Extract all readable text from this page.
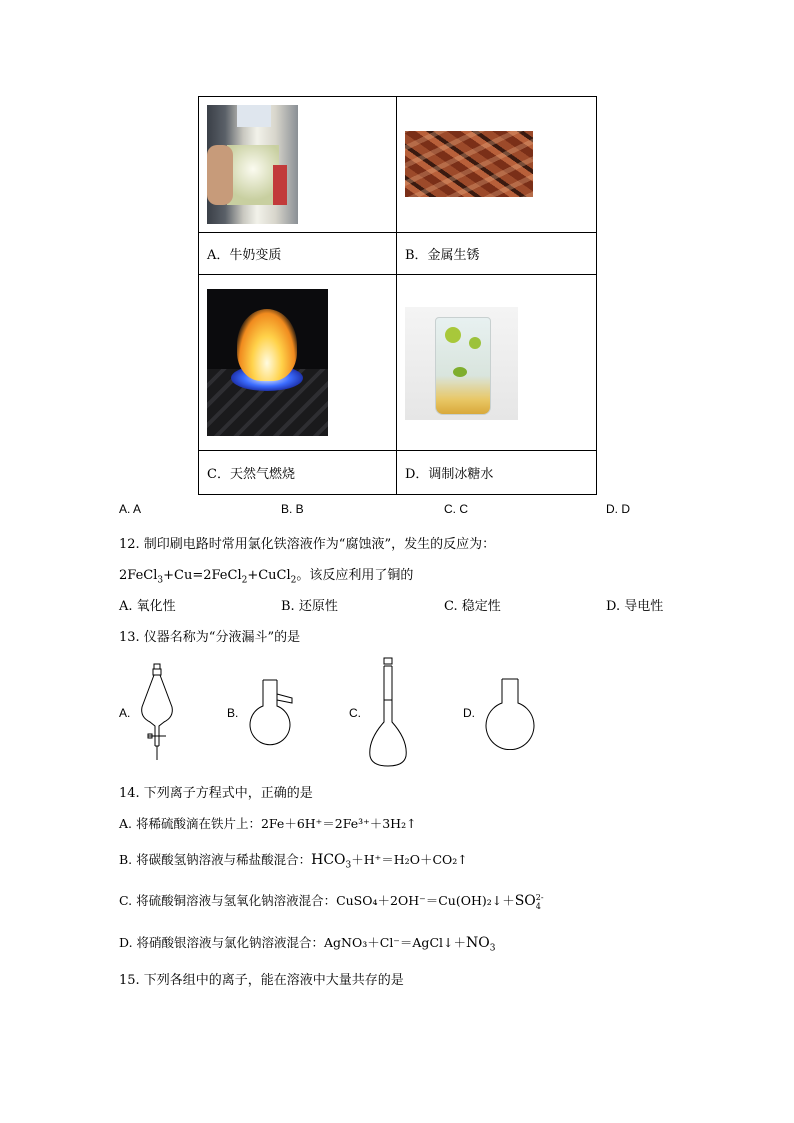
A．牛奶变质	B．金属生锈

C．天然气燃烧	D．调制冰糖水
A. A	B. B	C. C	D. D
12. 制印刷电路时常用氯化铁溶液作为“腐蚀液”，发生的反应为：
2FeCl$_3$+Cu=2FeCl$_2$+CuCl$_2$。该反应利用了铜的
A. 氧化性	B. 还原性	C. 稳定性	D. 导电性
13. 仪器名称为“分液漏斗”的是
A.	B.	C.	D.
14. 下列离子方程式中，正确的是
A. 将稀硫酸滴在铁片上：2Fe＋6H⁺＝2Fe³⁺＋3H₂↑
B. 将碳酸氢钠溶液与稀盐酸混合：$HCO_3+H^+=H_2O+CO_2↑$
C. 将硫酸铜溶液与氢氧化钠溶液混合：CuSO₄＋2OH⁻＝Cu(OH)₂↓＋SO 2-
4
D. 将硝酸银溶液与氯化钠溶液混合：$AgNO_3+Cl^-=AgCl↓+NO_3$
15. 下列各组中的离子，能在溶液中大量共存的是
